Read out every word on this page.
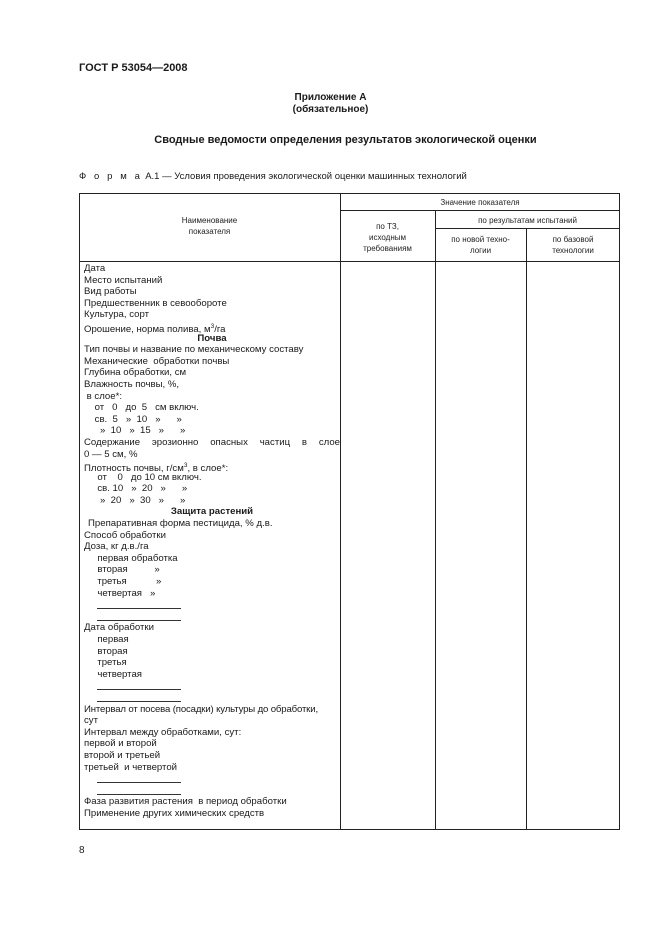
ГОСТ Р 53054—2008
Приложение А
(обязательное)
Сводные ведомости определения результатов экологической оценки
Ф о р м а А.1 — Условия проведения экологической оценки машинных технологий
Наименование
показателя
Значение показателя
по ТЗ,
исходным
требованиям
по результатам испытаний
по новой техно-
логии
по базовой
технологии
Дата
Место испытаний
Вид работы
Предшественник в севообороте
Культура, сорт
Орошение, норма полива, $м^3/га$
Почва
Тип почвы и название по механическому составу
Механические  обработки почвы
Глубина обработки, см
Влажность почвы, %,
в слое*:
от   0   до  5   см включ.
св.  5   »  10   »      »
»  10   »  15   »      »
Содержание эрозионно опасных частиц в слое
0 — 5 см, %
Плотность почвы, $г/см^3$, в слое*:
от    0   до 10 см включ.
св. 10   »  20   »      »
»  20   »  30   »      »
Защита растений
Препаративная форма пестицида, % д.в.
Способ обработки
Доза, кг д.в./га
первая обработка
вторая          »
третья           »
четвертая   »
Дата обработки
первая
вторая
третья
четвертая
Интервал от посева (посадки) культуры до обработки,
сут
Интервал между обработками, сут:
первой и второй
второй и третьей
третьей  и четвертой
Фаза развития растения  в период обработки
Применение других химических средств
8
